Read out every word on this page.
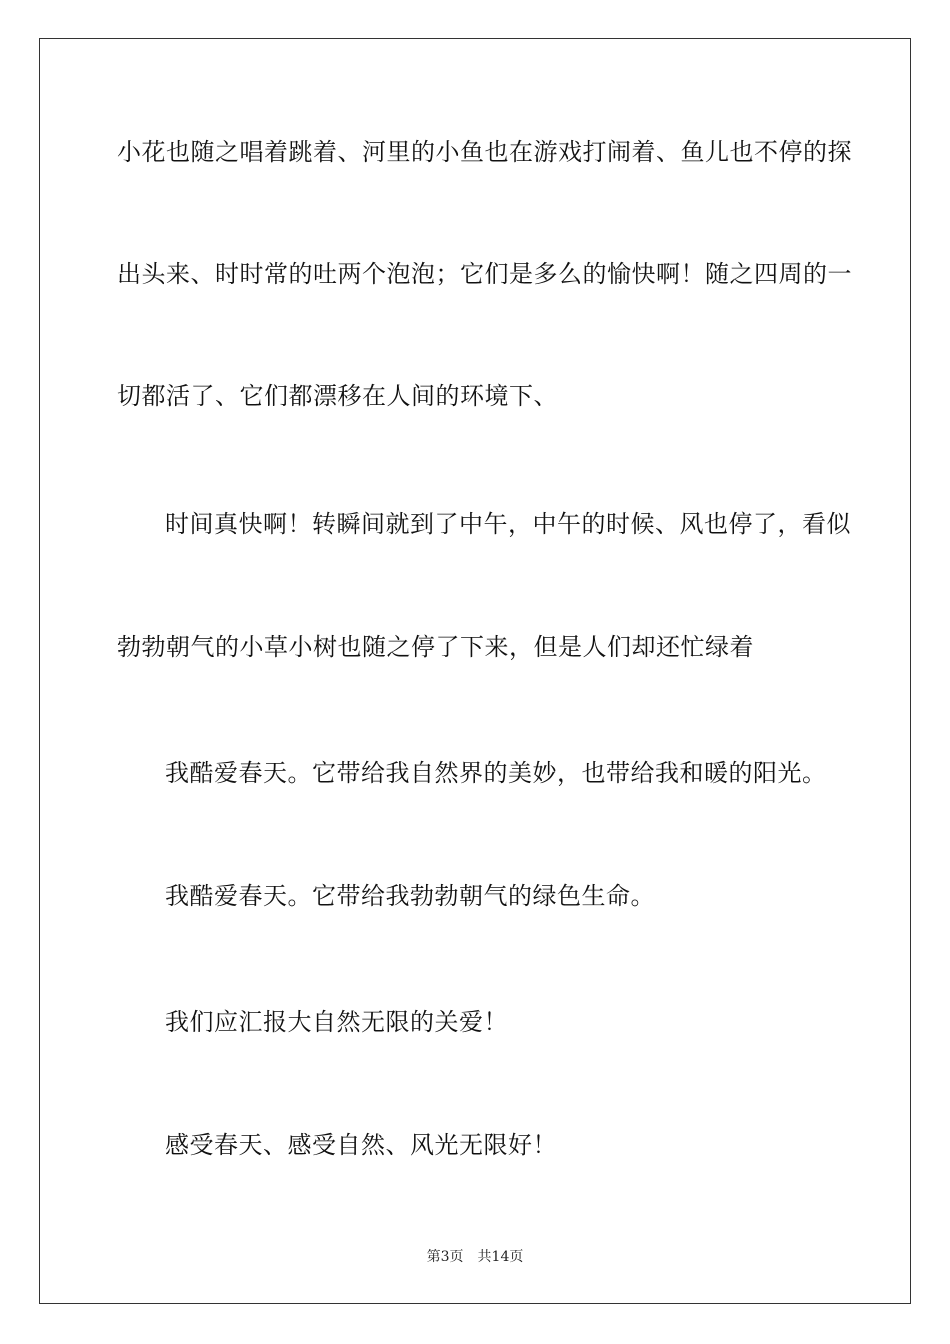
小花也随之唱着跳着、河里的小鱼也在游戏打闹着、鱼儿也不停的探
出头来、时时常的吐两个泡泡；它们是多么的愉快啊！随之四周的一
切都活了、它们都漂移在人间的环境下、
时间真快啊！转瞬间就到了中午，中午的时候、风也停了，看似
勃勃朝气的小草小树也随之停了下来，但是人们却还忙绿着
我酷爱春天。它带给我自然界的美妙，也带给我和暖的阳光。
我酷爱春天。它带给我勃勃朝气的绿色生命。
我们应汇报大自然无限的关爱！
感受春天、感受自然、风光无限好！
第3页 共14页
